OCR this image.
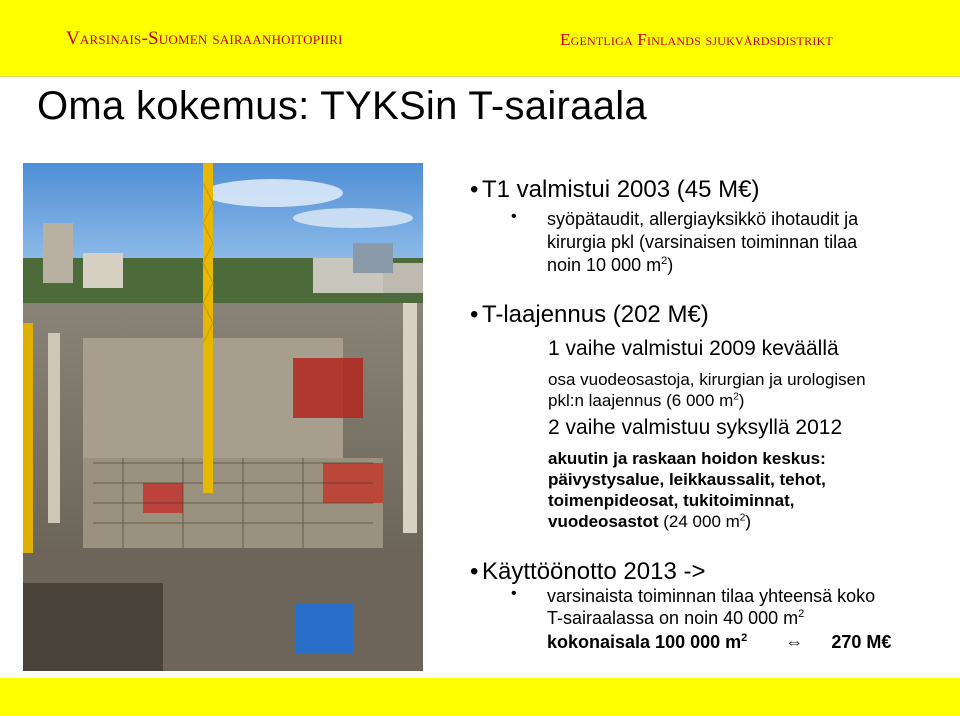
Varsinais-Suomen sairaanhoitopiiri	Egentliga Finlands sjukvårdsdistrikt
Oma kokemus: TYKSin T-sairaala
• T1 valmistui 2003 (45 M€)
• syöpätaudit, allergiayksikkö ihotaudit ja
kirurgia pkl (varsinaisen toiminnan tilaa
noin 10 000 $m^2$)
• T-laajennus (202 M€)
1 vaihe valmistui 2009 keväällä
osa vuodeosastoja, kirurgian ja urologisen
pkl:n laajennus (6 000 $m^2$)
2 vaihe valmistuu syksyllä 2012
akuutin ja raskaan hoidon keskus:
päivystysalue, leikkaussalit, tehot,
toimenpideosat, tukitoiminnat,
vuodeosastot (24 000 $m^2$)
• Käyttöönotto 2013 ->
• varsinaista toiminnan tilaa yhteensä koko
T-sairaalassa on noin 40 000 $m^2$
kokonaisala 100 000 $m^2$ ⇔ 270 M€
